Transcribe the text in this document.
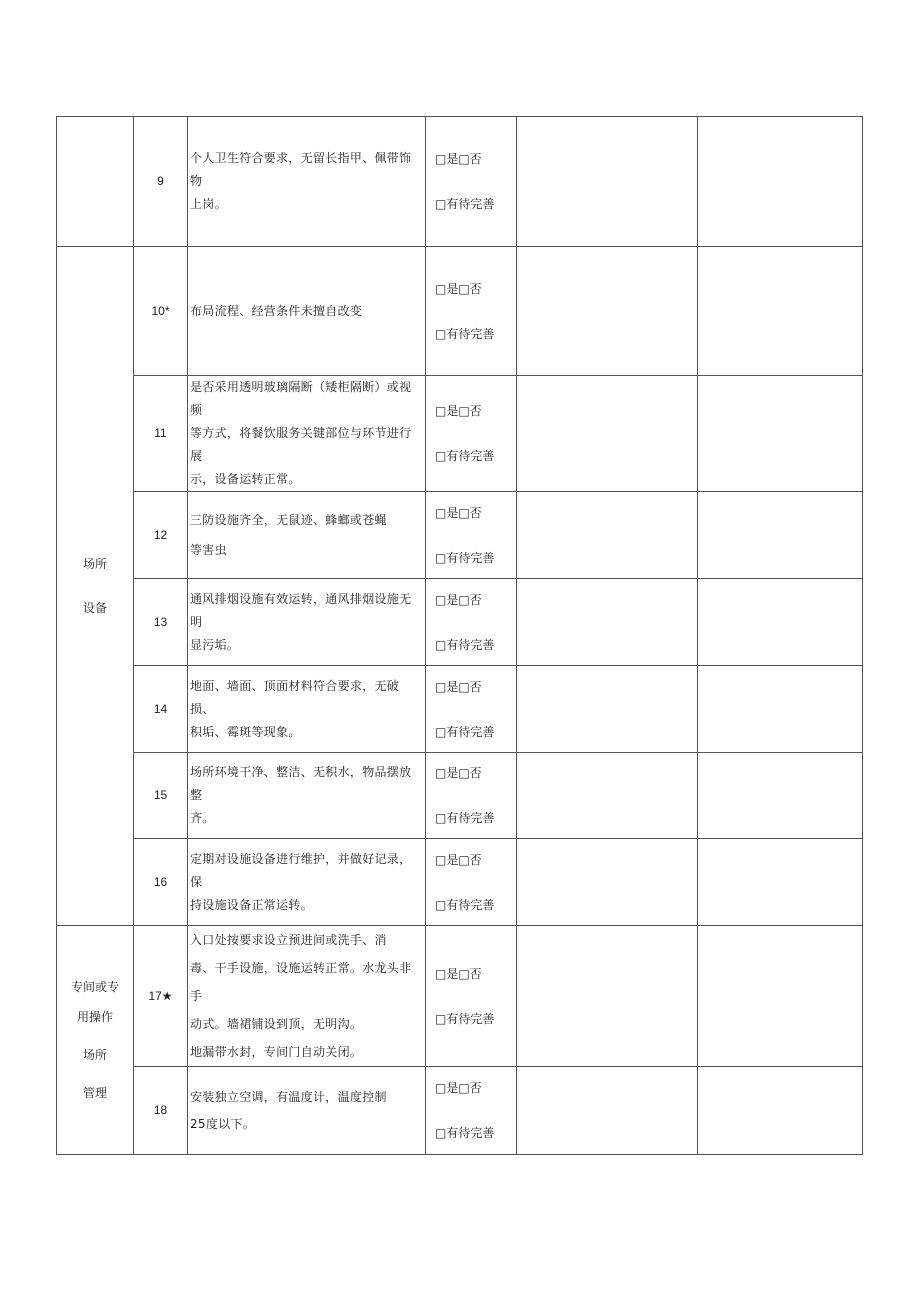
	9	个人卫生符合要求，无留长指甲、佩带饰物
上岗。	□是□否
□有待完善		

场所
设备	10*	布局流程、经营条件未擅自改变	□是□否
□有待完善		

	11	是否采用透明玻璃隔断（矮柜隔断）或视频
等方式，将餐饮服务关键部位与环节进行展
示，设备运转正常。	□是□否
□有待完善		

	12	三防设施齐全，无鼠迹、蜂螂或苍蝇

等害虫	□是□否
□有待完善		

	13	通风排烟设施有效运转，通风排烟设施无明
显污垢。	□是□否
□有待完善		

	14	地面、墙面、顶面材料符合要求，无破损、
积垢、霉斑等现象。	□是□否
□有待完善		

	15	场所环境干净、整洁、无积水，物品摆放整
齐。	□是□否
□有待完善		

	16	定期对设施设备进行维护，并做好记录，保
持设施设备正常运转。	□是□否
□有待完善		

专间或专
用操作
场所
管理	17★	入口处按要求设立预进间或洗手、消
毒、干手设施，设施运转正常。水龙头非手
动式。墙裙铺设到顶，无明沟。
地漏带水封，专间门自动关闭。	□是□否
□有待完善		

	18	安装独立空调，有温度计，温度控制
25度以下。	□是□否
□有待完善		
